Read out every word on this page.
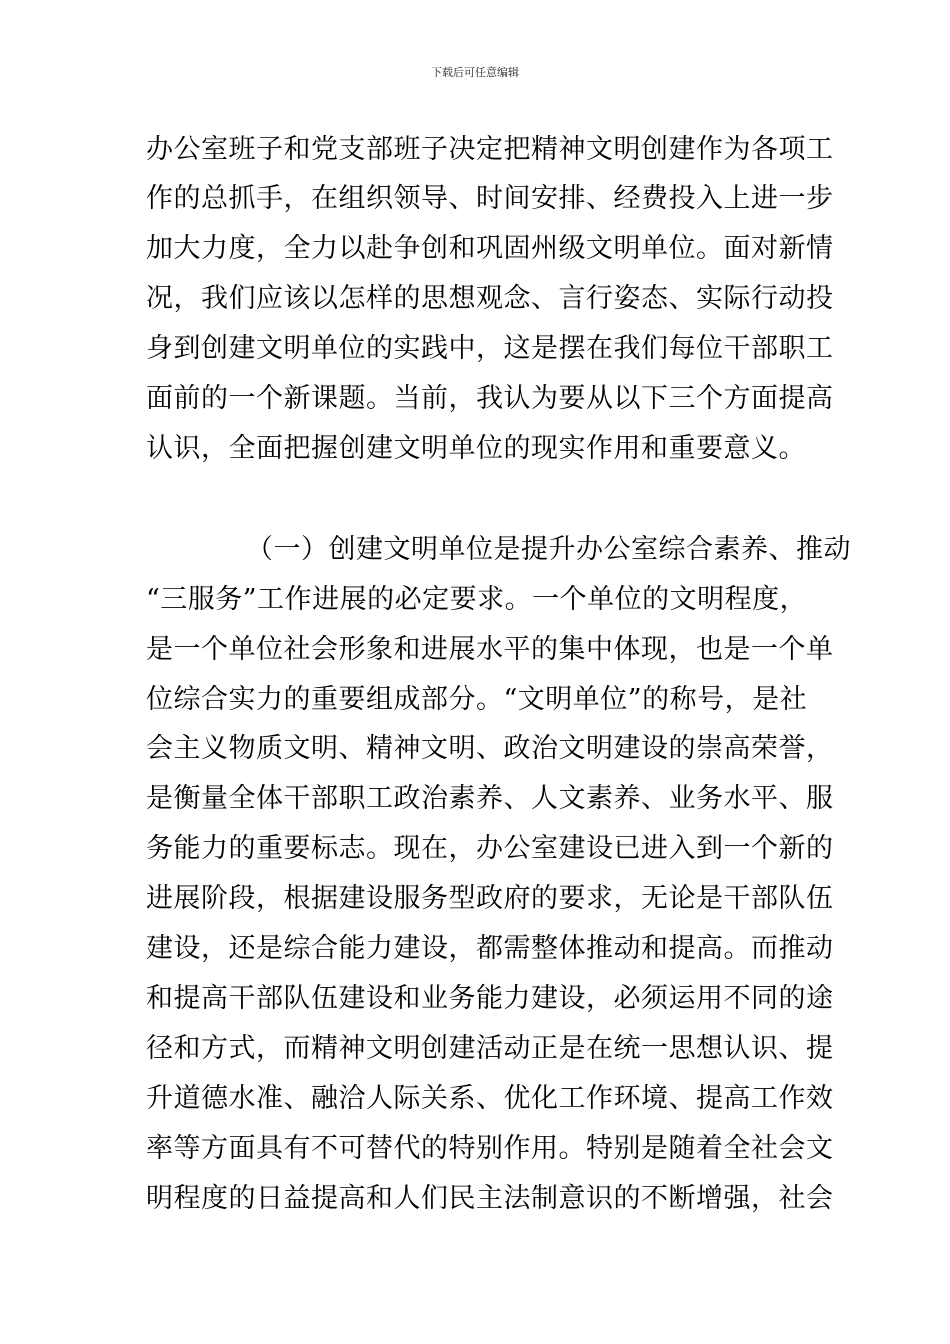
下载后可任意编辑
办公室班子和党支部班子决定把精神文明创建作为各项工
作的总抓手，在组织领导、时间安排、经费投入上进一步
加大力度，全力以赴争创和巩固州级文明单位。面对新情
况，我们应该以怎样的思想观念、言行姿态、实际行动投
身到创建文明单位的实践中，这是摆在我们每位干部职工
面前的一个新课题。当前，我认为要从以下三个方面提高
认识，全面把握创建文明单位的现实作用和重要意义。
（一）创建文明单位是提升办公室综合素养、推动
“三服务”工作进展的必定要求。一个单位的文明程度，
是一个单位社会形象和进展水平的集中体现，也是一个单
位综合实力的重要组成部分。“文明单位”的称号，是社
会主义物质文明、精神文明、政治文明建设的崇高荣誉，
是衡量全体干部职工政治素养、人文素养、业务水平、服
务能力的重要标志。现在，办公室建设已进入到一个新的
进展阶段，根据建设服务型政府的要求，无论是干部队伍
建设，还是综合能力建设，都需整体推动和提高。而推动
和提高干部队伍建设和业务能力建设，必须运用不同的途
径和方式，而精神文明创建活动正是在统一思想认识、提
升道德水准、融洽人际关系、优化工作环境、提高工作效
率等方面具有不可替代的特别作用。特别是随着全社会文
明程度的日益提高和人们民主法制意识的不断增强，社会
